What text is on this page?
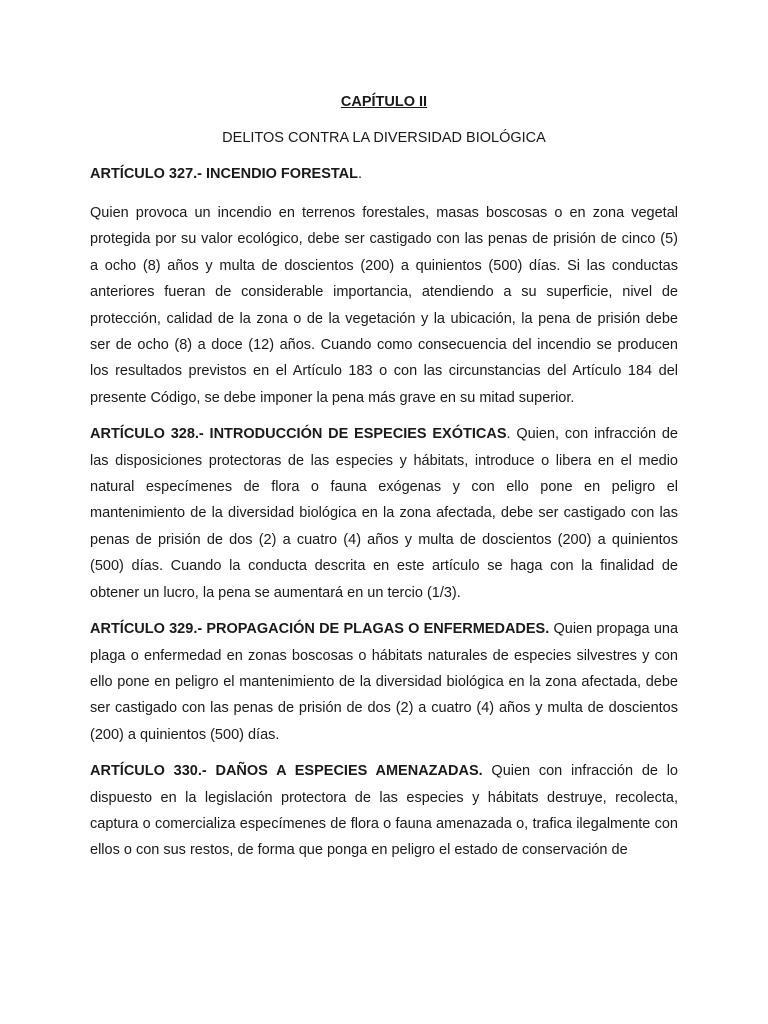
CAPÍTULO II
DELITOS CONTRA LA DIVERSIDAD BIOLÓGICA
ARTÍCULO 327.- INCENDIO FORESTAL.

Quien provoca un incendio en terrenos forestales, masas boscosas o en zona vegetal protegida por su valor ecológico, debe ser castigado con las penas de prisión de cinco (5) a ocho (8) años y multa de doscientos (200) a quinientos (500) días. Si las conductas anteriores fueran de considerable importancia, atendiendo a su superficie, nivel de protección, calidad de la zona o de la vegetación y la ubicación, la pena de prisión debe ser de ocho (8) a doce (12) años. Cuando como consecuencia del incendio se producen los resultados previstos en el Artículo 183 o con las circunstancias del Artículo 184 del presente Código, se debe imponer la pena más grave en su mitad superior.

ARTÍCULO 328.- INTRODUCCIÓN DE ESPECIES EXÓTICAS. Quien, con infracción de las disposiciones protectoras de las especies y hábitats, introduce o libera en el medio natural especímenes de flora o fauna exógenas y con ello pone en peligro el mantenimiento de la diversidad biológica en la zona afectada, debe ser castigado con las penas de prisión de dos (2) a cuatro (4) años y multa de doscientos (200) a quinientos (500) días. Cuando la conducta descrita en este artículo se haga con la finalidad de obtener un lucro, la pena se aumentará en un tercio (1/3).

ARTÍCULO 329.- PROPAGACIÓN DE PLAGAS O ENFERMEDADES. Quien propaga una plaga o enfermedad en zonas boscosas o hábitats naturales de especies silvestres y con ello pone en peligro el mantenimiento de la diversidad biológica en la zona afectada, debe ser castigado con las penas de prisión de dos (2) a cuatro (4) años y multa de doscientos (200) a quinientos (500) días.

ARTÍCULO 330.- DAÑOS A ESPECIES AMENAZADAS. Quien con infracción de lo dispuesto en la legislación protectora de las especies y hábitats destruye, recolecta, captura o comercializa especímenes de flora o fauna amenazada o, trafica ilegalmente con ellos o con sus restos, de forma que ponga en peligro el estado de conservación de
